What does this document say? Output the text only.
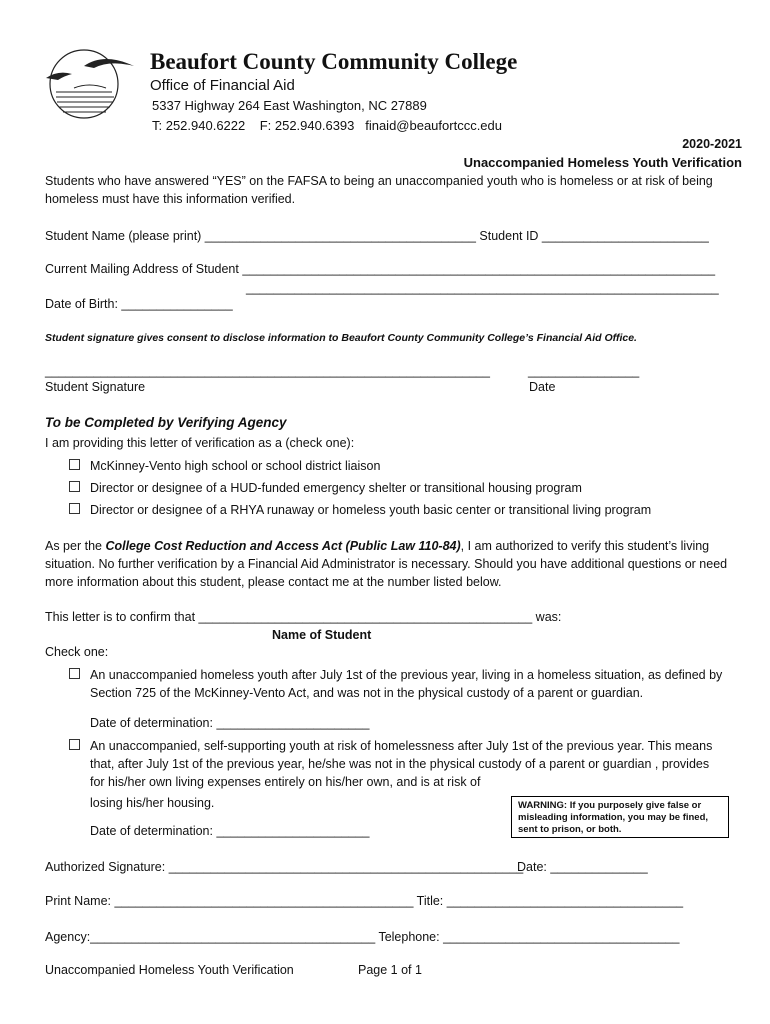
Beaufort County Community College
Office of Financial Aid
5337 Highway 264 East Washington, NC 27889
T: 252.940.6222    F: 252.940.6393   finaid@beaufortccc.edu
2020-2021
Unaccompanied Homeless Youth Verification
Students who have answered “YES” on the FAFSA to being an unaccompanied youth who is homeless or at risk of being homeless must have this information verified.
Student Name (please print) _______________________________________ Student ID ________________________
Current Mailing Address of Student ____________________________________________________________________
____________________________________________________________________
Date of Birth: ________________
Student signature gives consent to disclose information to Beaufort County Community College’s Financial Aid Office.
________________________________________________________________	________________
Student Signature	Date
To be Completed by Verifying Agency
I am providing this letter of verification as a (check one):
McKinney-Vento high school or school district liaison
Director or designee of a HUD-funded emergency shelter or transitional housing program
Director or designee of a RHYA runaway or homeless youth basic center or transitional living program
As per the College Cost Reduction and Access Act (Public Law 110-84), I am authorized to verify this student’s living situation. No further verification by a Financial Aid Administrator is necessary. Should you have additional questions or need more information about this student, please contact me at the number listed below.
This letter is to confirm that ________________________________________________ was:
Name of Student
Check one:
An unaccompanied homeless youth after July 1st of the previous year, living in a homeless situation, as defined by Section 725 of the McKinney-Vento Act, and was not in the physical custody of a parent or guardian.
Date of determination: ______________________
An unaccompanied, self-supporting youth at risk of homelessness after July 1st of the previous year. This means
that, after July 1st of the previous year, he/she was not in the physical custody of a parent or guardian , provides
for his/her own living expenses entirely on his/her own, and is at risk of
losing his/her housing.
Date of determination: ______________________
WARNING: If you purposely give false or misleading information, you may be fined, sent to prison, or both.
Authorized Signature: ___________________________________________________
Date: ______________
Print Name: ___________________________________________ Title: __________________________________
Agency:_________________________________________ Telephone: __________________________________
Unaccompanied Homeless Youth Verification	Page 1 of 1
